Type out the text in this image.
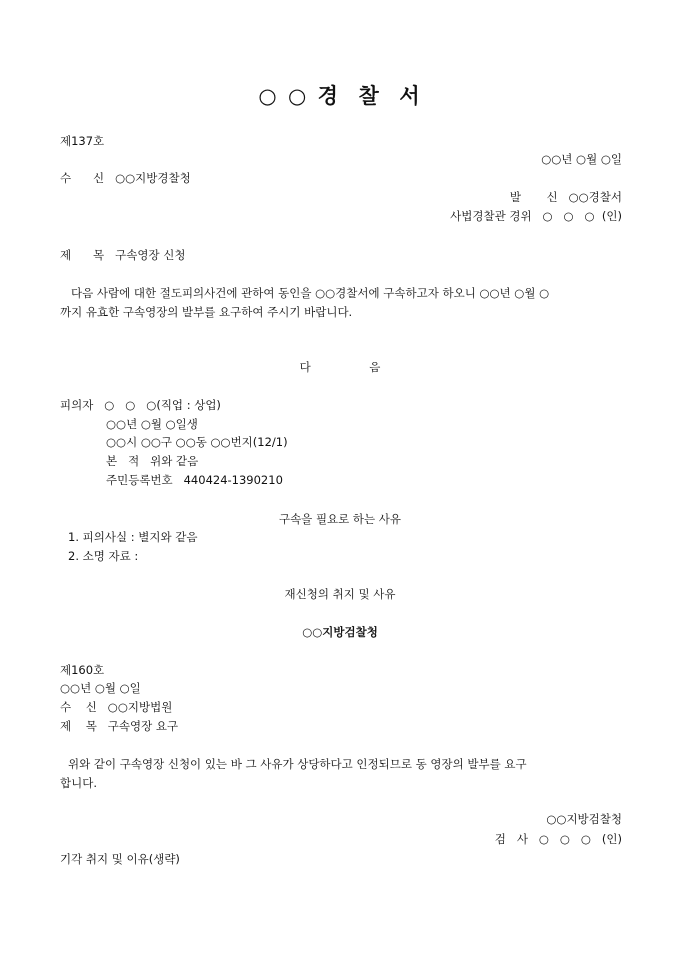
○ ○ 경  찰  서
제137호
○○년 ○월 ○일
수      신   ○○지방경찰청
발       신   ○○경찰서
사법경찰관 경위   ○   ○   ○  (인)
제      목   구속영장 신청
다음 사람에 대한 절도피의사건에 관하여 동인을 ○○경찰서에 구속하고자 하오니 ○○년 ○월 ○
까지 유효한 구속영장의 발부를 요구하여 주시기 바랍니다.
다                음
피의자   ○   ○   ○(직업 : 상업)
○○년 ○월 ○일생
○○시 ○○구 ○○동 ○○번지(12/1)
본   적   위와 같음
주민등록번호   440424-1390210
구속을 필요로 하는 사유
1. 피의사실 : 별지와 같음
2. 소명 자료 :
재신청의 취지 및 사유
○○지방검찰청
제160호
○○년 ○월 ○일
수    신   ○○지방법원
제    목   구속영장 요구
위와 같이 구속영장 신청이 있는 바 그 사유가 상당하다고 인정되므로 동 영장의 발부를 요구
합니다.
○○지방검찰청
검   사   ○   ○   ○   (인)
기각 취지 및 이유(생략)
